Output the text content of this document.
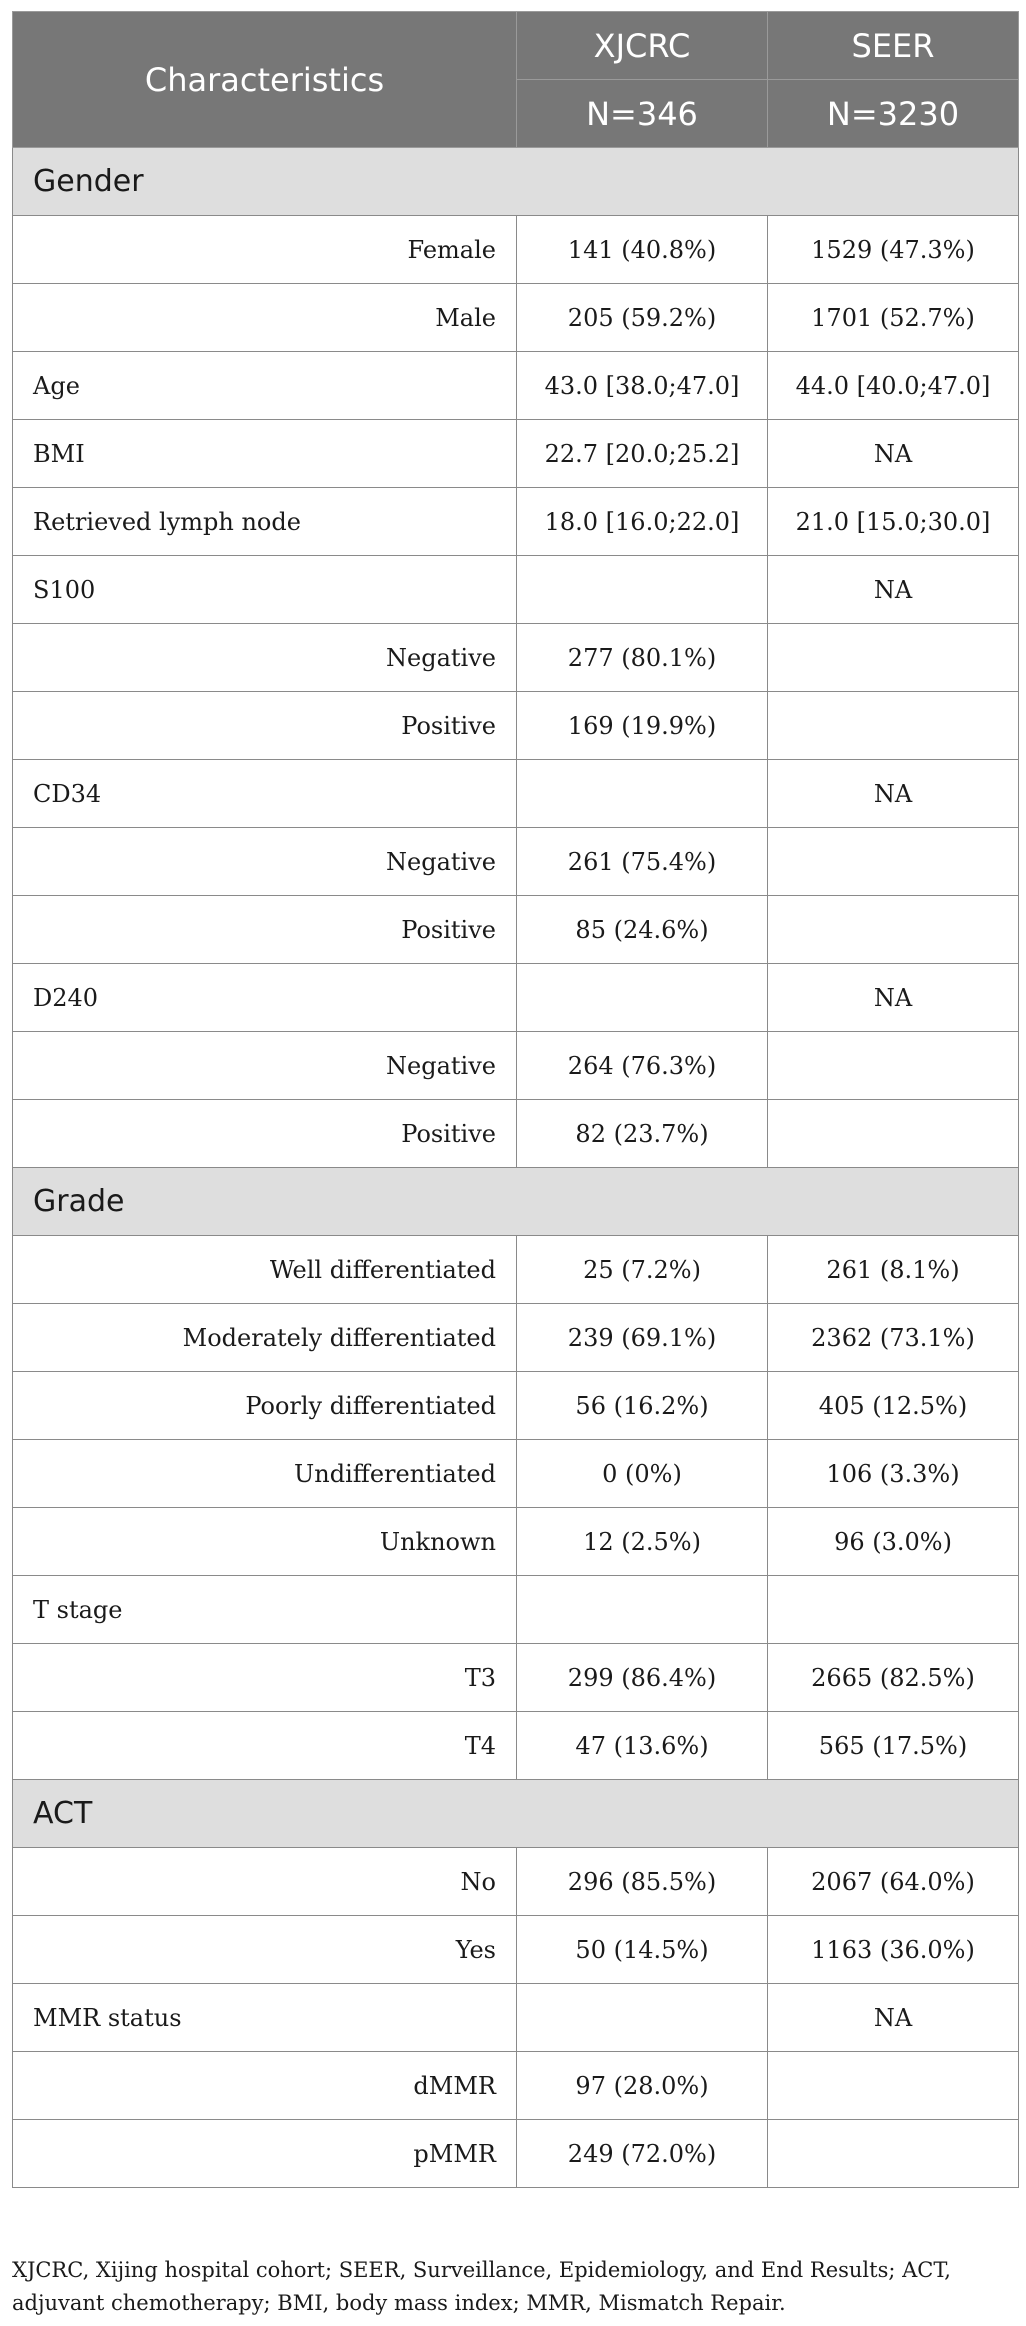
Characteristics	XJCRC	SEER
	N=346	N=3230
Gender		
Female	141 (40.8%)	1529 (47.3%)
Male	205 (59.2%)	1701 (52.7%)
Age	43.0 [38.0;47.0]	44.0 [40.0;47.0]
BMI	22.7 [20.0;25.2]	NA
Retrieved lymph node	18.0 [16.0;22.0]	21.0 [15.0;30.0]
S100		NA
Negative	277 (80.1%)	
Positive	169 (19.9%)	
CD34		NA
Negative	261 (75.4%)	
Positive	85 (24.6%)	
D240		NA
Negative	264 (76.3%)	
Positive	82 (23.7%)	
Grade		
Well differentiated	25 (7.2%)	261 (8.1%)
Moderately differentiated	239 (69.1%)	2362 (73.1%)
Poorly differentiated	56 (16.2%)	405 (12.5%)
Undifferentiated	0 (0%)	106 (3.3%)
Unknown	12 (2.5%)	96 (3.0%)
T stage		
T3	299 (86.4%)	2665 (82.5%)
T4	47 (13.6%)	565 (17.5%)
ACT		
No	296 (85.5%)	2067 (64.0%)
Yes	50 (14.5%)	1163 (36.0%)
MMR status		NA
dMMR	97 (28.0%)	
pMMR	249 (72.0%)	
XJCRC, Xijing hospital cohort; SEER, Surveillance, Epidemiology, and End Results; ACT, adjuvant chemotherapy; BMI, body mass index; MMR, Mismatch Repair.
